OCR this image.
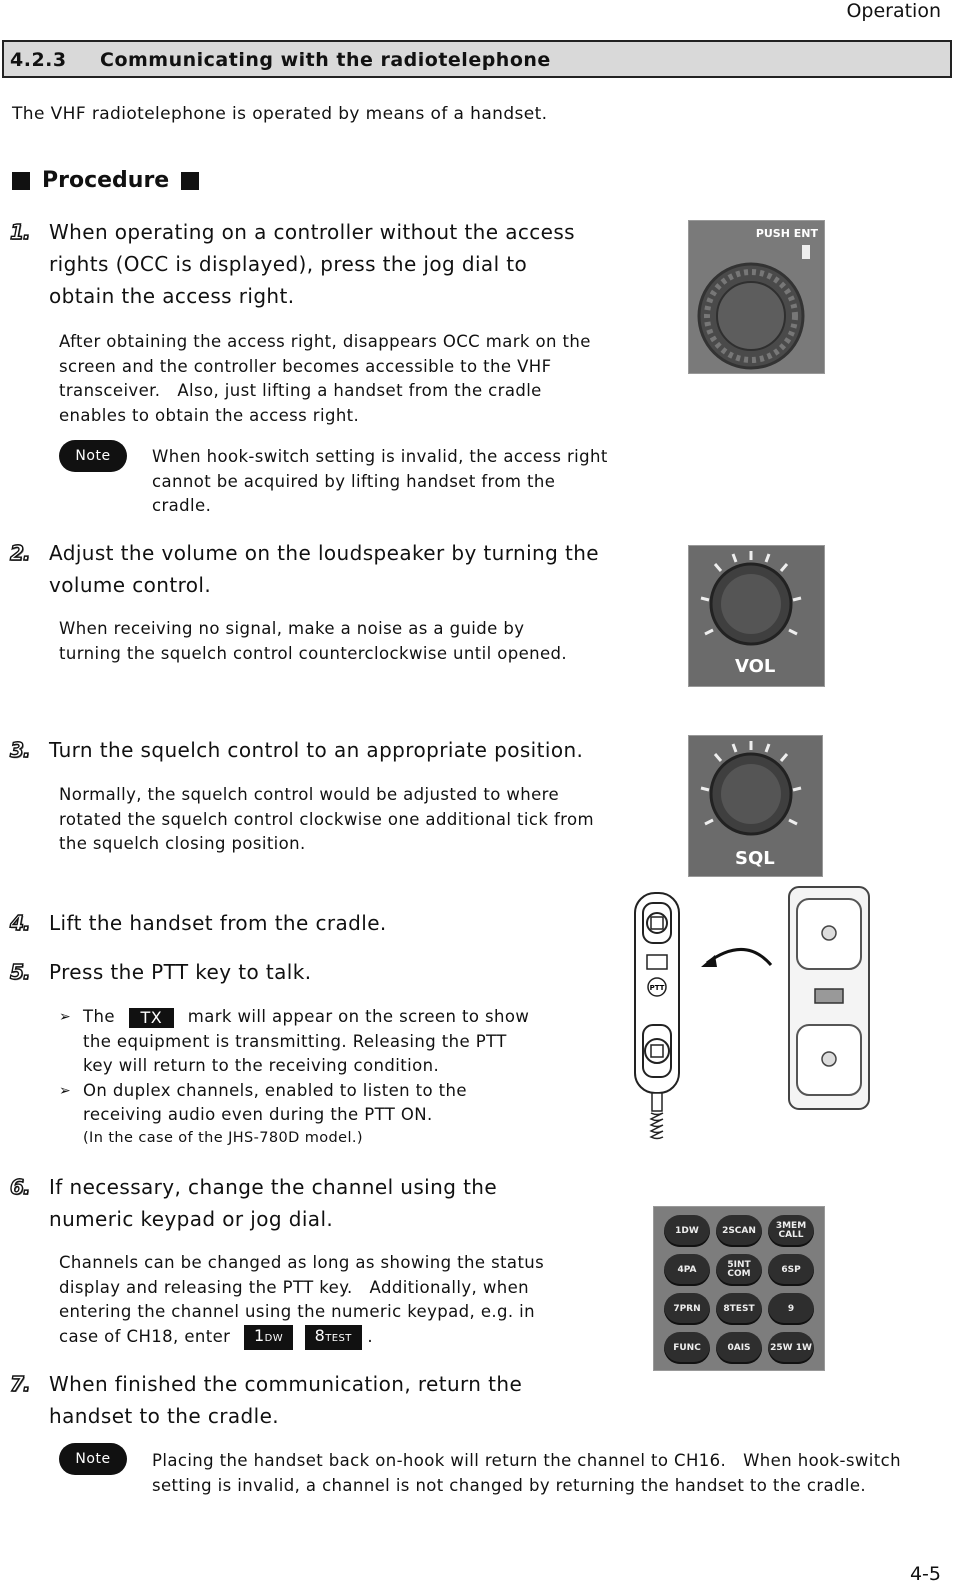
Operation
4.2.3 Communicating with the radiotelephone
The VHF radiotelephone is operated by means of a handset.
Procedure
1. When operating on a controller without the access
rights (OCC is displayed), press the jog dial to
obtain the access right.
After obtaining the access right, disappears OCC mark on the
screen and the controller becomes accessible to the VHF
transceiver.　Also, just lifting a handset from the cradle
enables to obtain the access right.
Note	When hook-switch setting is invalid, the access right
cannot be acquired by lifting handset from the
cradle.
PUSH ENT
2. Adjust the volume on the loudspeaker by turning the
volume control.
When receiving no signal, make a noise as a guide by
turning the squelch control counterclockwise until opened.
VOL
3. Turn the squelch control to an appropriate position.
Normally, the squelch control would be adjusted to where
rotated the squelch control clockwise one additional tick from
the squelch closing position.
SQL
4. Lift the handset from the cradle.
5. Press the PTT key to talk.
➢ The TX mark will appear on the screen to show
the equipment is transmitting. Releasing the PTT
key will return to the receiving condition.
➢ On duplex channels, enabled to listen to the
receiving audio even during the PTT ON.
(In the case of the JHS-780D model.)
PTT
6. If necessary, change the channel using the
numeric keypad or jog dial.
Channels can be changed as long as showing the status
display and releasing the PTT key.　Additionally, when
entering the channel using the numeric keypad, e.g. in
case of CH18, enter 1DW 8TEST .
1DW	2SCAN	3MEM CALL
4PA	5INT COM	6SP
7PRN	8TEST	9
FUNC	0AIS	25W 1W
7. When finished the communication, return the
handset to the cradle.
Note	Placing the handset back on-hook will return the channel to CH16.　When hook-switch
setting is invalid, a channel is not changed by returning the handset to the cradle.
4-5
